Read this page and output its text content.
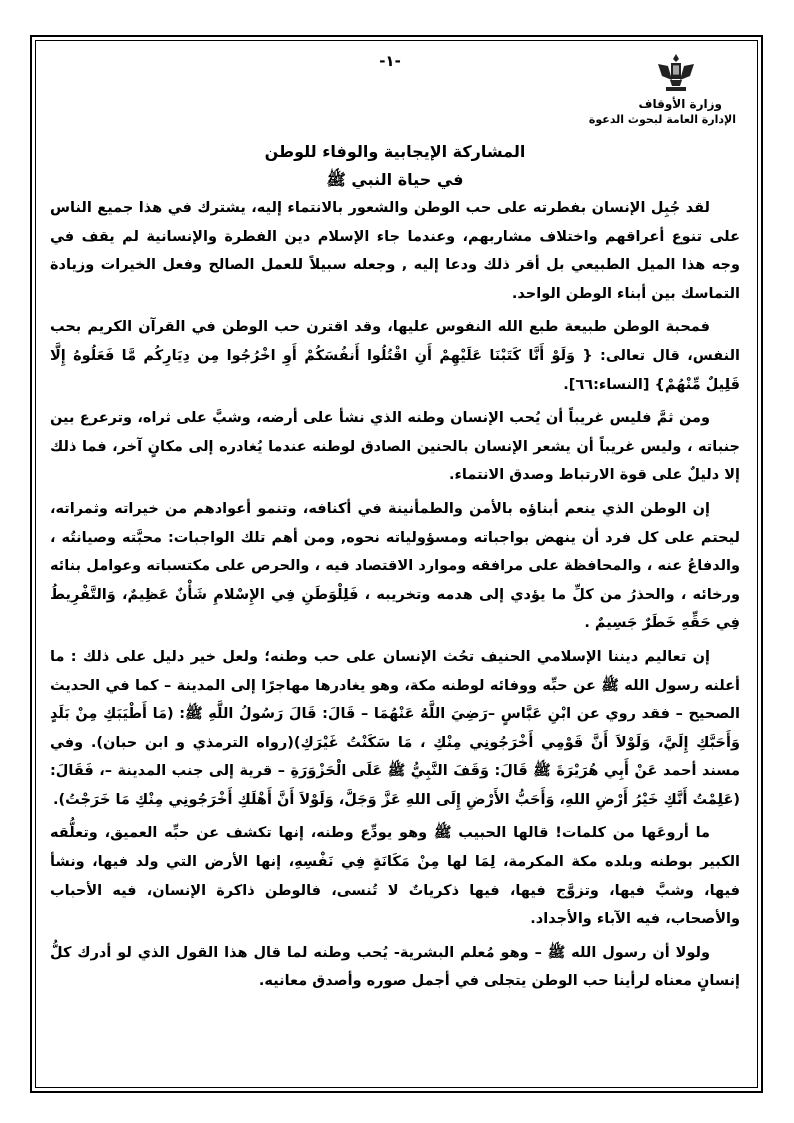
-١-
وزارة الأوقاف
الإدارة العامة لبحوث الدعوة

المشاركة الإيجابية والوفاء للوطن

في حياة النبي ﷺ

لقد جُبِل الإنسان بفطرته على حب الوطن والشعور بالانتماء إليه، يشترك في هذا جميع الناس على تنوع أعراقهم واختلاف مشاربهم، وعندما جاء الإسلام دين الفطرة والإنسانية لم يقف في وجه هذا الميل الطبيعي بل أقر ذلك ودعا إليه , وجعله سبيلاً للعمل الصالح وفعل الخيرات وزيادة التماسك بين أبناء الوطن الواحد.

فمحبة الوطن طبيعة طبع الله النفوس عليها، وقد اقترن حب الوطن في القرآن الكريم بحب النفس، قال تعالى: { وَلَوْ أَنَّا كَتَبْنَا عَلَيْهِمْ أَنِ اقْتُلُوا أَنفُسَكُمْ أَوِ اخْرُجُوا مِن دِيَارِكُم مَّا فَعَلُوهُ إِلَّا قَلِيلٌ مِّنْهُمْ} [النساء:٦٦].

ومن ثمَّ فليس غريباً أن يُحب الإنسان وطنه الذي نشأ على أرضه، وشبَّ على ثراه، وترعرع بين جنباته ، وليس غريباً أن يشعر الإنسان بالحنين الصادق لوطنه عندما يُغادره إلى مكانٍ آخر، فما ذلك إلا دليلٌ على قوة الارتباط وصدق الانتماء.

إن الوطن الذي ينعم أبناؤه بالأمن والطمأنينة في أكنافه، وتنمو أعوادهم من خيراته وثمراته، ليحتم على كل فرد أن ينهض بواجباته ومسؤولياته نحوه, ومن أهم تلك الواجبات: محبَّته وصيانتُه ، والدفاعُ عنه ، والمحافظة على مرافقه وموارد الاقتصاد فيه ، والحرص على مكتسباته وعوامل بنائه ورخائه ، والحذرُ من كلِّ ما يؤدي إلى هدمه وتخريبه ، فَلِلْوَطَنِ فِي الإِسْلامِ شَأْنٌ عَظِيمٌ، وَالتَّفْرِيطُ فِي حَقِّهِ خَطَرٌ جَسِيمٌ .

إن تعاليم ديننا الإسلامي الحنيف تحُث الإنسان على حب وطنه؛ ولعل خير دليل على ذلك : ما أعلنه رسول الله ﷺ عن حبِّه ووفائه لوطنه مكة، وهو يغادرها مهاجرًا إلى المدينة – كما في الحديث الصحيح – فقد روي عن ابْنِ عَبَّاسٍ –رَضِيَ اللَّهُ عَنْهُمَا – قَالَ: قَالَ رَسُولُ اللَّهِ ﷺ: (مَا أَطْيَبَكِ مِنْ بَلَدٍ وَأَحَبَّكِ إِلَيَّ، وَلَوْلاَ أَنَّ قَوْمِي أَخْرَجُونِي مِنْكِ ، مَا سَكَنْتُ غَيْرَكِ)(رواه الترمذي و ابن حبان). وفي مسند أحمد عَنْ أَبِي هُرَيْرَةَ ﷺ قَالَ: وَقَفَ النَّبِيُّ ﷺ عَلَى الْحَزْوَرَةِ – قرية إلى جنب المدينة –، فَقَالَ: (عَلِمْتُ أَنَّكِ خَيْرُ أَرْضِ اللهِ، وَأَحَبُّ الأَرْضِ إِلَى اللهِ عَزَّ وَجَلَّ، وَلَوْلاَ أَنَّ أَهْلَكِ أَخْرَجُونِي مِنْكِ مَا خَرَجْتُ).

ما أروعَها من كلمات! قالها الحبيب ﷺ وهو يودِّع وطنه، إنها تكشف عن حبِّه العميق، وتعلُّقه الكبير بوطنه وبلده مكة المكرمة، لِمَا لها مِنْ مَكَانَةٍ فِي نَفْسِهِ، إنها الأرض التي ولد فيها، ونشأ فيها، وشبَّ فيها، وتزوَّج فيها، فيها ذكرياتٌ لا تُنسى، فالوطن ذاكرة الإنسان، فيه الأحباب والأصحاب، فيه الآباء والأجداد.

ولولا أن رسول الله ﷺ – وهو مُعلم البشرية- يُحب وطنه لما قال هذا القول الذي لو أدرك كلُّ إنسانٍ معناه لرأينا حب الوطن يتجلى في أجمل صوره وأصدق معانيه.
